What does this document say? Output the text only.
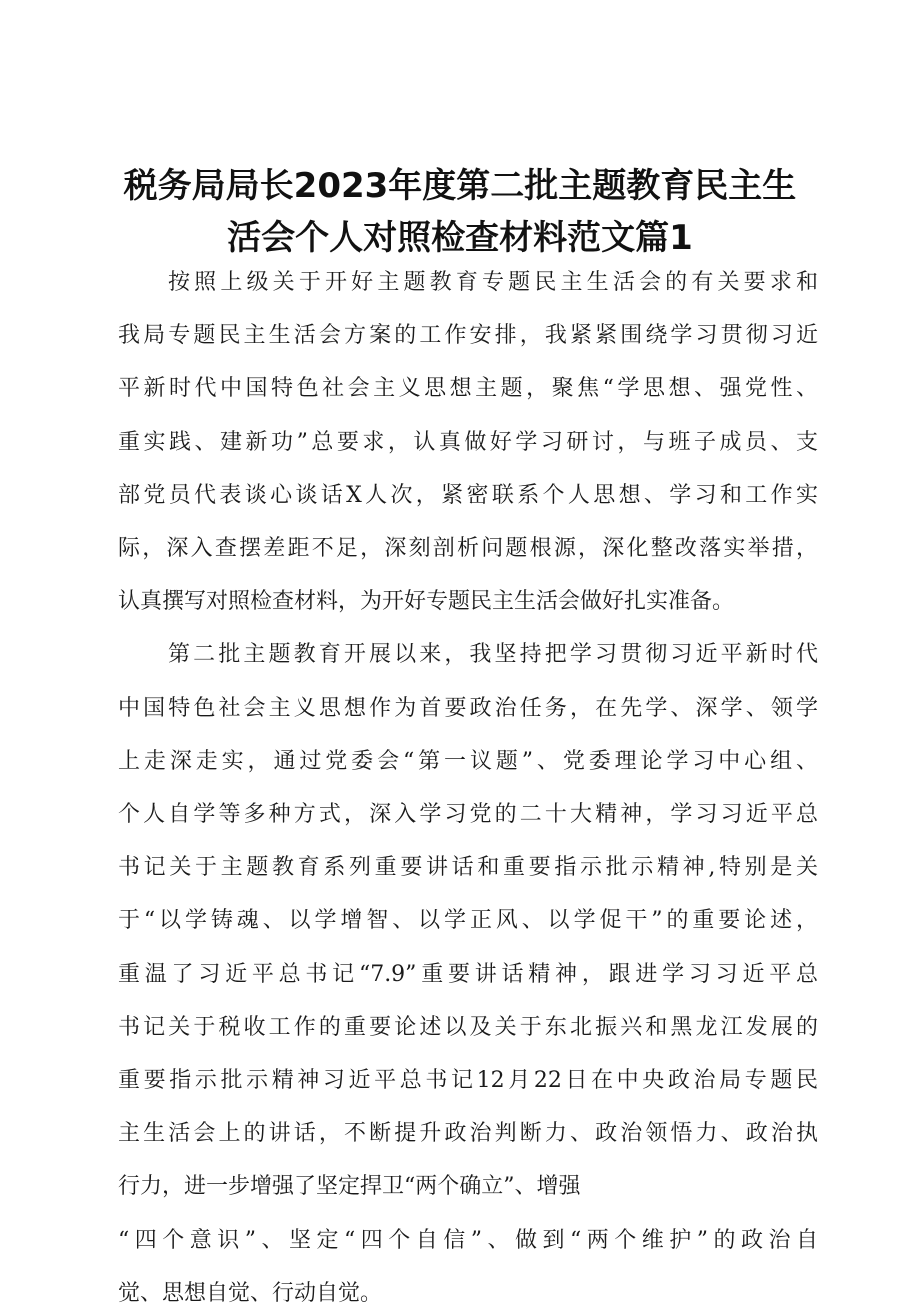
税务局局长2023年度第二批主题教育民主生
活会个人对照检查材料范文篇1
按照上级关于开好主题教育专题民主生活会的有关要求和
我局专题民主生活会方案的工作安排，我紧紧围绕学习贯彻习近
平新时代中国特色社会主义思想主题，聚焦“学思想、强党性、
重实践、建新功”总要求，认真做好学习研讨，与班子成员、支
部党员代表谈心谈话X人次，紧密联系个人思想、学习和工作实
际，深入查摆差距不足，深刻剖析问题根源，深化整改落实举措，
认真撰写对照检查材料，为开好专题民主生活会做好扎实准备。
第二批主题教育开展以来，我坚持把学习贯彻习近平新时代
中国特色社会主义思想作为首要政治任务，在先学、深学、领学
上走深走实，通过党委会“第一议题”、党委理论学习中心组、
个人自学等多种方式，深入学习党的二十大精神，学习习近平总
书记关于主题教育系列重要讲话和重要指示批示精神,特别是关
于“以学铸魂、以学增智、以学正风、以学促干”的重要论述，
重温了习近平总书记“7.9”重要讲话精神，跟进学习习近平总
书记关于税收工作的重要论述以及关于东北振兴和黑龙江发展的
重要指示批示精神习近平总书记12月22日在中央政治局专题民
主生活会上的讲话，不断提升政治判断力、政治领悟力、政治执
行力，进一步增强了坚定捍卫“两个确立”、增强
“四个意识”、坚定“四个自信”、做到“两个维护”的政治自
觉、思想自觉、行动自觉。
